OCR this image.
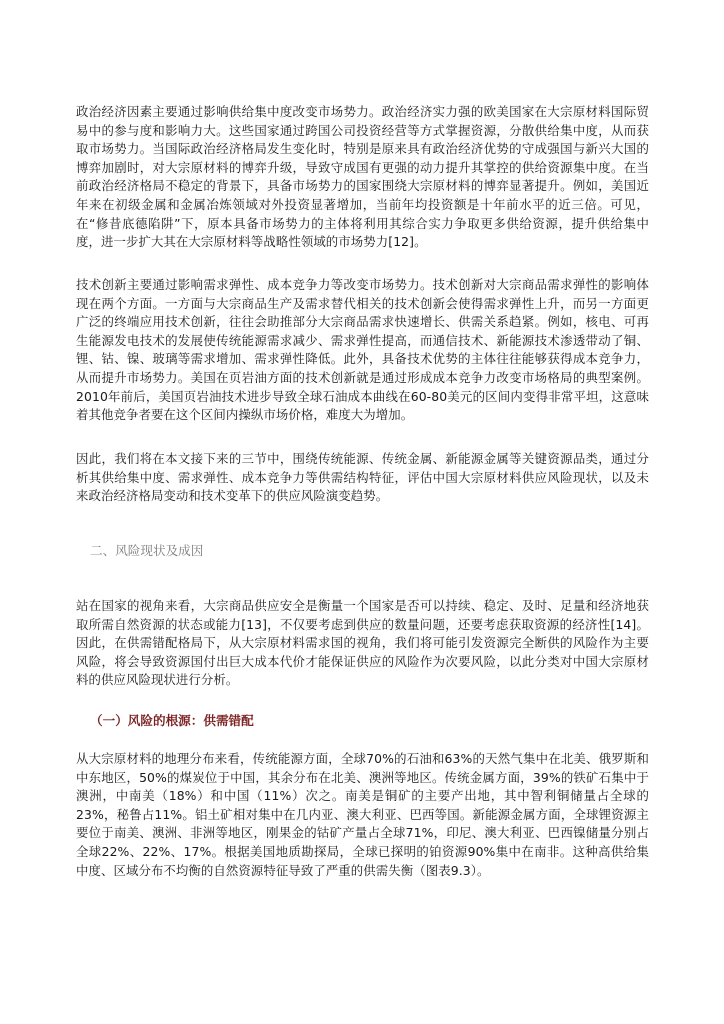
政治经济因素主要通过影响供给集中度改变市场势力。政治经济实力强的欧美国家在大宗原材料国际贸易中的参与度和影响力大。这些国家通过跨国公司投资经营等方式掌握资源，分散供给集中度，从而获取市场势力。当国际政治经济格局发生变化时，特别是原来具有政治经济优势的守成强国与新兴大国的博弈加剧时，对大宗原材料的博弈升级，导致守成国有更强的动力提升其掌控的供给资源集中度。在当前政治经济格局不稳定的背景下，具备市场势力的国家围绕大宗原材料的博弈显著提升。例如，美国近年来在初级金属和金属冶炼领域对外投资显著增加，当前年均投资额是十年前水平的近三倍。可见，在“修昔底德陷阱”下，原本具备市场势力的主体将利用其综合实力争取更多供给资源，提升供给集中度，进一步扩大其在大宗原材料等战略性领域的市场势力[12]。

技术创新主要通过影响需求弹性、成本竞争力等改变市场势力。技术创新对大宗商品需求弹性的影响体现在两个方面。一方面与大宗商品生产及需求替代相关的技术创新会使得需求弹性上升，而另一方面更广泛的终端应用技术创新，往往会助推部分大宗商品需求快速增长、供需关系趋紧。例如，核电、可再生能源发电技术的发展使传统能源需求减少、需求弹性提高，而通信技术、新能源技术渗透带动了铜、锂、钴、镍、玻璃等需求增加、需求弹性降低。此外，具备技术优势的主体往往能够获得成本竞争力，从而提升市场势力。美国在页岩油方面的技术创新就是通过形成成本竞争力改变市场格局的典型案例。2010年前后，美国页岩油技术进步导致全球石油成本曲线在60-80美元的区间内变得非常平坦，这意味着其他竞争者要在这个区间内操纵市场价格，难度大为增加。

因此，我们将在本文接下来的三节中，围绕传统能源、传统金属、新能源金属等关键资源品类，通过分析其供给集中度、需求弹性、成本竞争力等供需结构特征，评估中国大宗原材料供应风险现状，以及未来政治经济格局变动和技术变革下的供应风险演变趋势。

二、风险现状及成因

站在国家的视角来看，大宗商品供应安全是衡量一个国家是否可以持续、稳定、及时、足量和经济地获取所需自然资源的状态或能力[13]，不仅要考虑到供应的数量问题，还要考虑获取资源的经济性[14]。因此，在供需错配格局下，从大宗原材料需求国的视角，我们将可能引发资源完全断供的风险作为主要风险，将会导致资源国付出巨大成本代价才能保证供应的风险作为次要风险，以此分类对中国大宗原材料的供应风险现状进行分析。

（一）风险的根源：供需错配

从大宗原材料的地理分布来看，传统能源方面，全球70%的石油和63%的天然气集中在北美、俄罗斯和中东地区，50%的煤炭位于中国，其余分布在北美、澳洲等地区。传统金属方面，39%的铁矿石集中于澳洲，中南美（18%）和中国（11%）次之。南美是铜矿的主要产出地，其中智利铜储量占全球的23%，秘鲁占11%。铝土矿相对集中在几内亚、澳大利亚、巴西等国。新能源金属方面，全球锂资源主要位于南美、澳洲、非洲等地区，刚果金的钴矿产量占全球71%，印尼、澳大利亚、巴西镍储量分别占全球22%、22%、17%。根据美国地质勘探局，全球已探明的铂资源90%集中在南非。这种高供给集中度、区域分布不均衡的自然资源特征导致了严重的供需失衡（图表9.3）。
